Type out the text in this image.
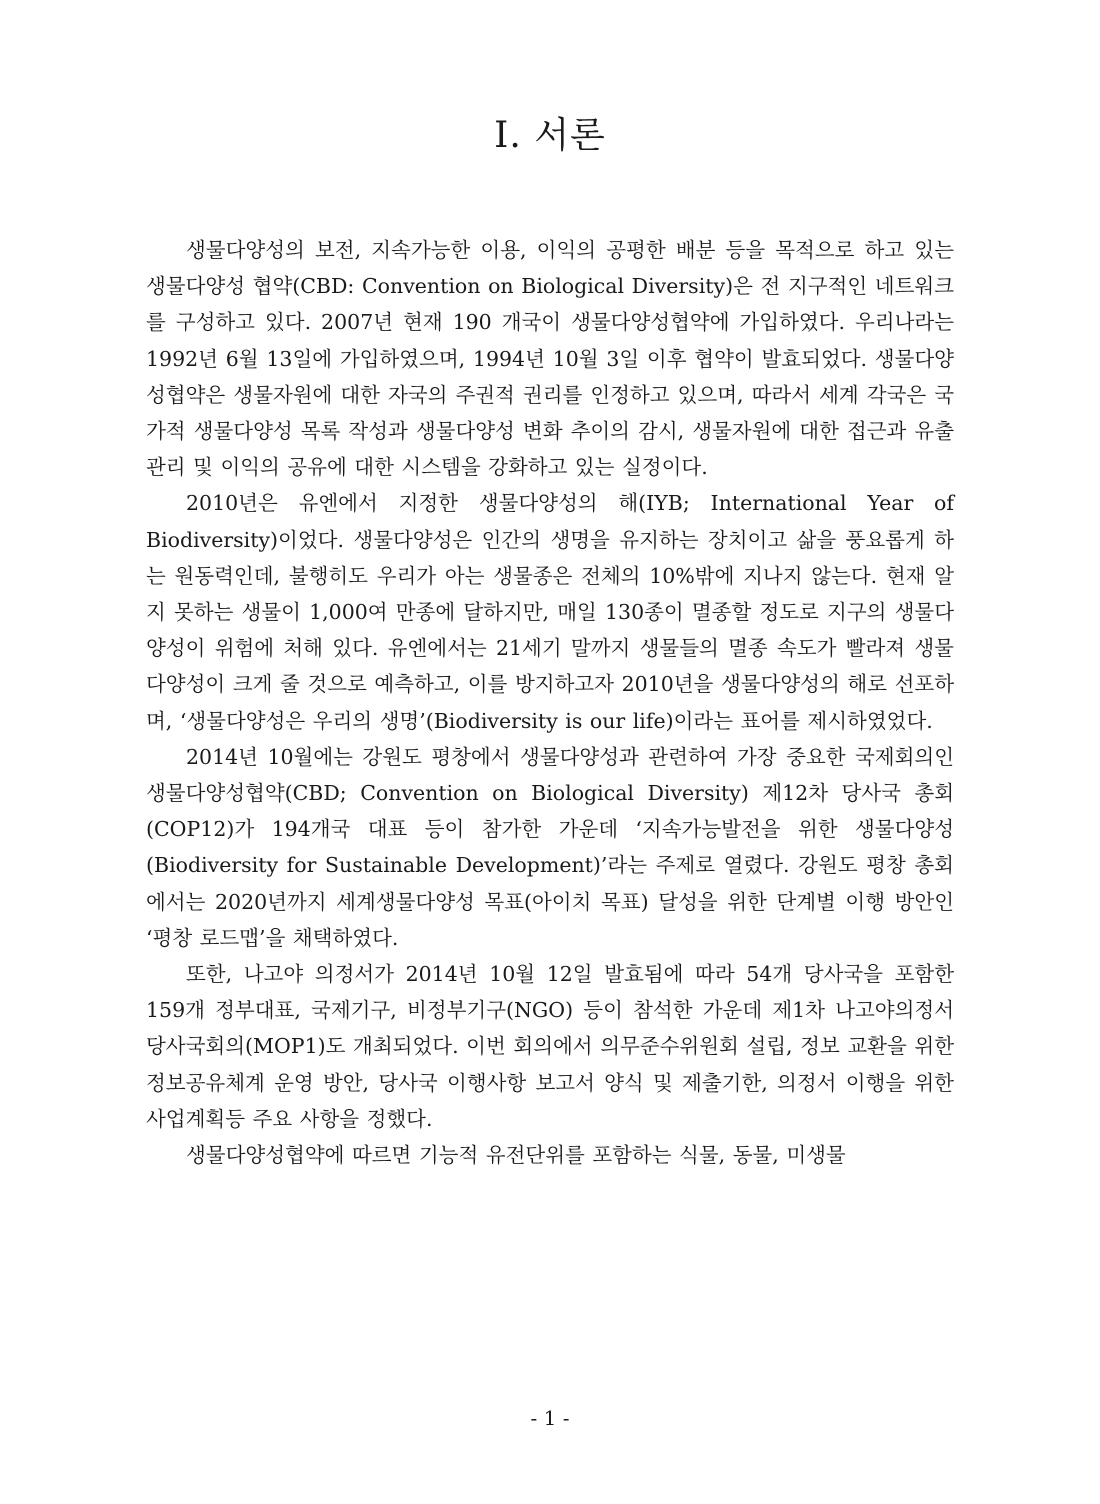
I. 서론

생물다양성의 보전, 지속가능한 이용, 이익의 공평한 배분 등을 목적으로 하고 있는 생물다양성 협약(CBD: Convention on Biological Diversity)은 전 지구적인 네트워크를 구성하고 있다. 2007년 현재 190 개국이 생물다양성협약에 가입하였다. 우리나라는 1992년 6월 13일에 가입하였으며, 1994년 10월 3일 이후 협약이 발효되었다. 생물다양성협약은 생물자원에 대한 자국의 주권적 권리를 인정하고 있으며, 따라서 세계 각국은 국가적 생물다양성 목록 작성과 생물다양성 변화 추이의 감시, 생물자원에 대한 접근과 유출 관리 및 이익의 공유에 대한 시스템을 강화하고 있는 실정이다.

2010년은 유엔에서 지정한 생물다양성의 해(IYB; International Year of Biodiversity)이었다. 생물다양성은 인간의 생명을 유지하는 장치이고 삶을 풍요롭게 하는 원동력인데, 불행히도 우리가 아는 생물종은 전체의 10%밖에 지나지 않는다. 현재 알지 못하는 생물이 1,000여 만종에 달하지만, 매일 130종이 멸종할 정도로 지구의 생물다양성이 위험에 처해 있다. 유엔에서는 21세기 말까지 생물들의 멸종 속도가 빨라져 생물다양성이 크게 줄 것으로 예측하고, 이를 방지하고자 2010년을 생물다양성의 해로 선포하며, ‘생물다양성은 우리의 생명’(Biodiversity is our life)이라는 표어를 제시하였었다.

2014년 10월에는 강원도 평창에서 생물다양성과 관련하여 가장 중요한 국제회의인 생물다양성협약(CBD; Convention on Biological Diversity) 제12차 당사국 총회(COP12)가 194개국 대표 등이 참가한 가운데 ‘지속가능발전을 위한 생물다양성(Biodiversity for Sustainable Development)’라는 주제로 열렸다. 강원도 평창 총회에서는 2020년까지 세계생물다양성 목표(아이치 목표) 달성을 위한 단계별 이행 방안인 ‘평창 로드맵’을 채택하였다.

또한, 나고야 의정서가 2014년 10월 12일 발효됨에 따라 54개 당사국을 포함한 159개 정부대표, 국제기구, 비정부기구(NGO) 등이 참석한 가운데 제1차 나고야의정서 당사국회의(MOP1)도 개최되었다. 이번 회의에서 의무준수위원회 설립, 정보 교환을 위한 정보공유체계 운영 방안, 당사국 이행사항 보고서 양식 및 제출기한, 의정서 이행을 위한 사업계획등 주요 사항을 정했다.

생물다양성협약에 따르면 기능적 유전단위를 포함하는 식물, 동물, 미생물

- 1 -
